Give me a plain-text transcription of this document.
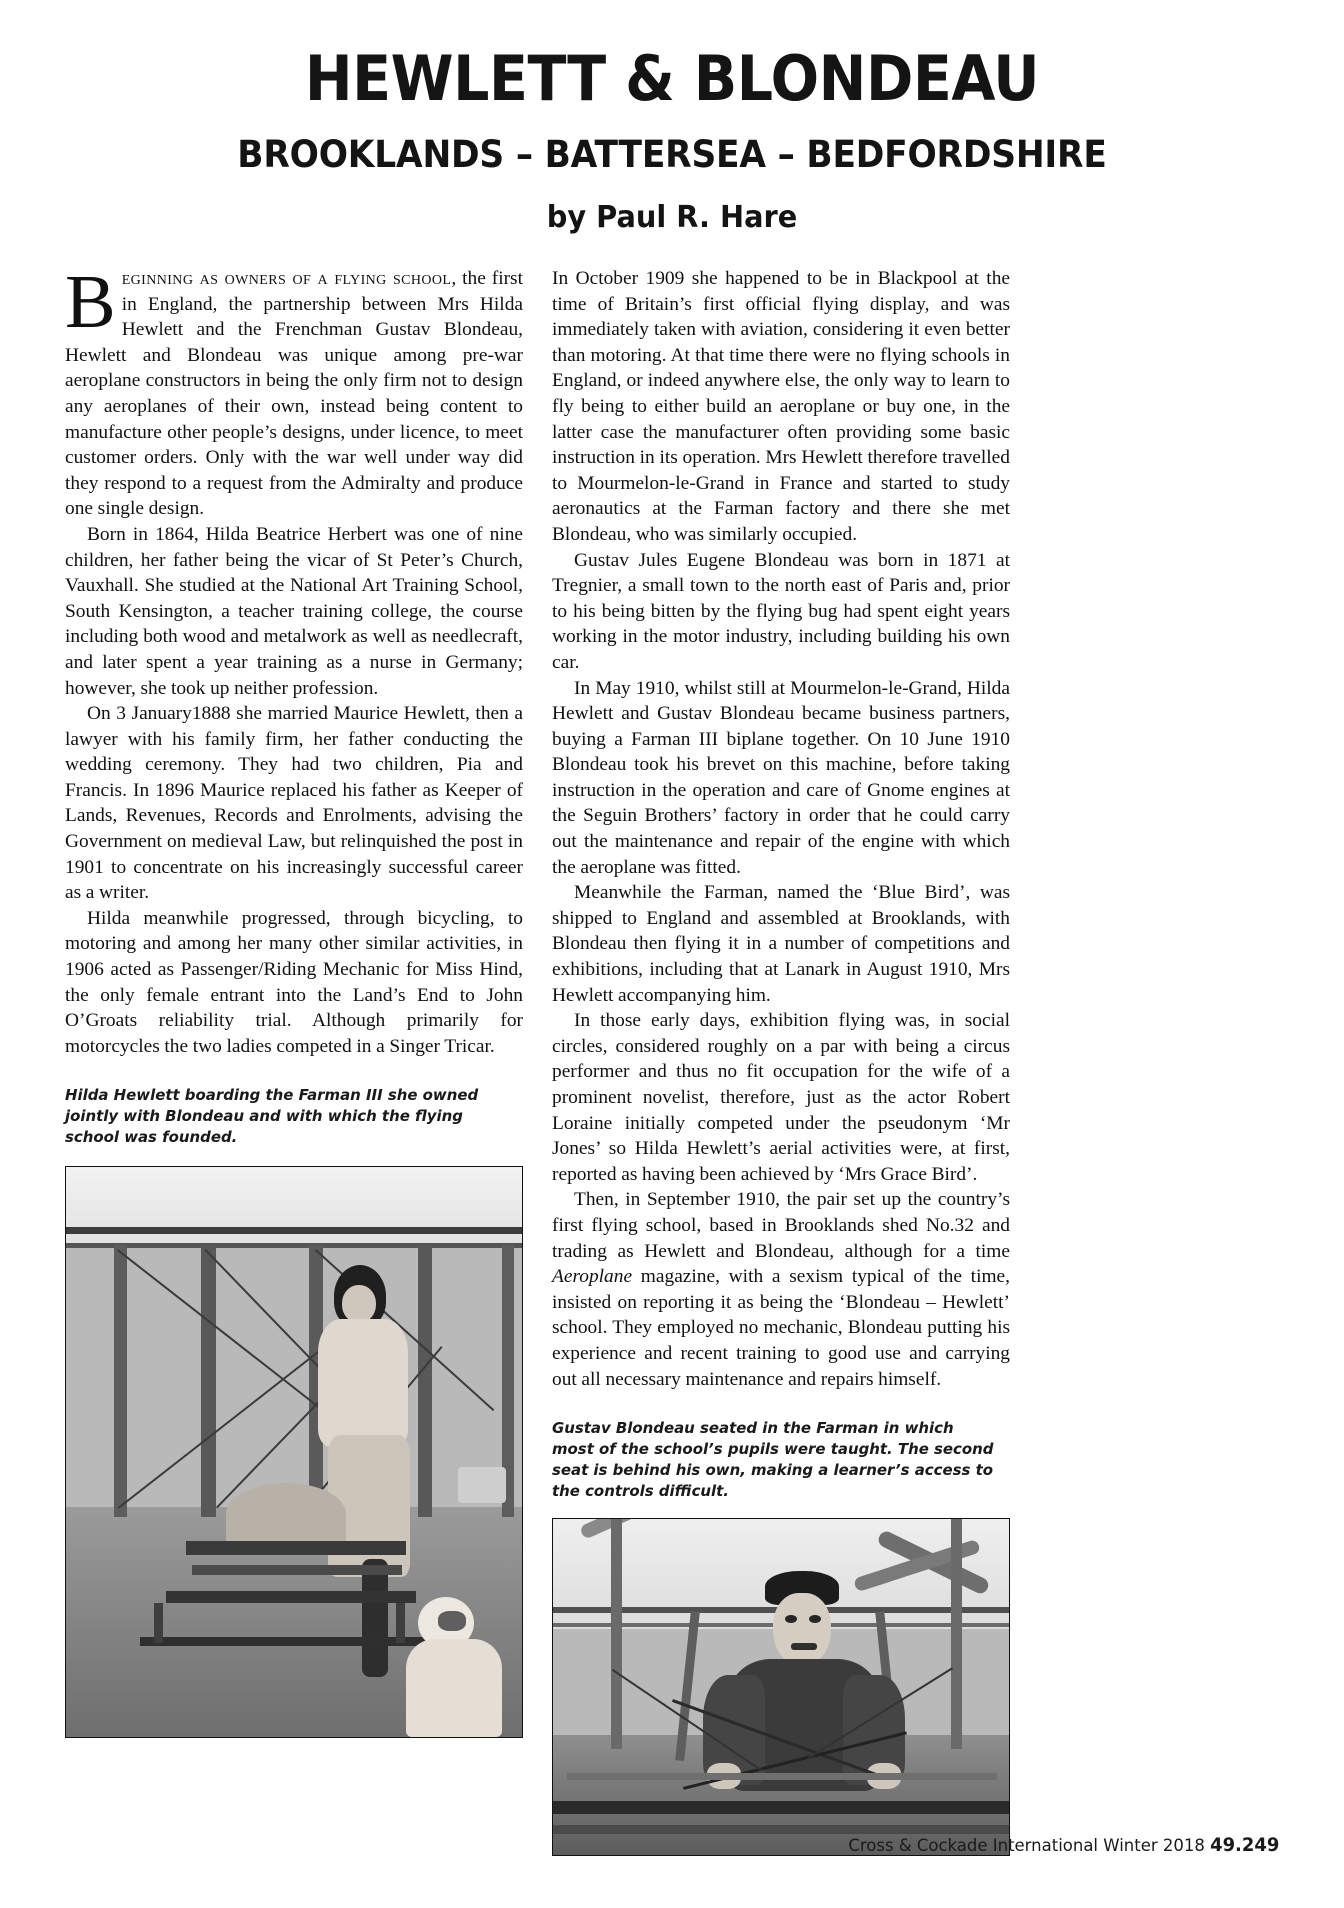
HEWLETT & BLONDEAU
BROOKLANDS – BATTERSEA – BEDFORDSHIRE
by Paul R. Hare

Beginning as owners of a flying school, the first in England, the partnership between Mrs Hilda Hewlett and the Frenchman Gustav Blondeau, Hewlett and Blondeau was unique among pre-war aeroplane constructors in being the only firm not to design any aeroplanes of their own, instead being content to manufacture other people’s designs, under licence, to meet customer orders. Only with the war well under way did they respond to a request from the Admiralty and produce one single design.

Born in 1864, Hilda Beatrice Herbert was one of nine children, her father being the vicar of St Peter’s Church, Vauxhall. She studied at the National Art Training School, South Kensington, a teacher training college, the course including both wood and metalwork as well as needlecraft, and later spent a year training as a nurse in Germany; however, she took up neither profession.

On 3 January1888 she married Maurice Hewlett, then a lawyer with his family firm, her father conducting the wedding ceremony. They had two children, Pia and Francis. In 1896 Maurice replaced his father as Keeper of Lands, Revenues, Records and Enrolments, advising the Government on medieval Law, but relinquished the post in 1901 to concentrate on his increasingly successful career as a writer.

Hilda meanwhile progressed, through bicycling, to motoring and among her many other similar activities, in 1906 acted as Passenger/Riding Mechanic for Miss Hind, the only female entrant into the Land’s End to John O’Groats reliability trial. Although primarily for motorcycles the two ladies competed in a Singer Tricar.

Hilda Hewlett boarding the Farman III she owned jointly with Blondeau and with which the flying school was founded.

In October 1909 she happened to be in Blackpool at the time of Britain’s first official flying display, and was immediately taken with aviation, considering it even better than motoring. At that time there were no flying schools in England, or indeed anywhere else, the only way to learn to fly being to either build an aeroplane or buy one, in the latter case the manufacturer often providing some basic instruction in its operation. Mrs Hewlett therefore travelled to Mourmelon-le-Grand in France and started to study aeronautics at the Farman factory and there she met Blondeau, who was similarly occupied.

Gustav Jules Eugene Blondeau was born in 1871 at Tregnier, a small town to the north east of Paris and, prior to his being bitten by the flying bug had spent eight years working in the motor industry, including building his own car.

In May 1910, whilst still at Mourmelon-le-Grand, Hilda Hewlett and Gustav Blondeau became business partners, buying a Farman III biplane together. On 10 June 1910 Blondeau took his brevet on this machine, before taking instruction in the operation and care of Gnome engines at the Seguin Brothers’ factory in order that he could carry out the maintenance and repair of the engine with which the aeroplane was fitted.

Meanwhile the Farman, named the ‘Blue Bird’, was shipped to England and assembled at Brooklands, with Blondeau then flying it in a number of competitions and exhibitions, including that at Lanark in August 1910, Mrs Hewlett accompanying him.

In those early days, exhibition flying was, in social circles, considered roughly on a par with being a circus performer and thus no fit occupation for the wife of a prominent novelist, therefore, just as the actor Robert Loraine initially competed under the pseudonym ‘Mr Jones’ so Hilda Hewlett’s aerial activities were, at first, reported as having been achieved by ‘Mrs Grace Bird’.

Then, in September 1910, the pair set up the country’s first flying school, based in Brooklands shed No.32 and trading as Hewlett and Blondeau, although for a time Aeroplane magazine, with a sexism typical of the time, insisted on reporting it as being the ‘Blondeau – Hewlett’ school. They employed no mechanic, Blondeau putting his experience and recent training to good use and carrying out all necessary maintenance and repairs himself.

Gustav Blondeau seated in the Farman in which most of the school’s pupils were taught. The second seat is behind his own, making a learner’s access to the controls difficult.

Cross & Cockade International Winter 2018 49.249
